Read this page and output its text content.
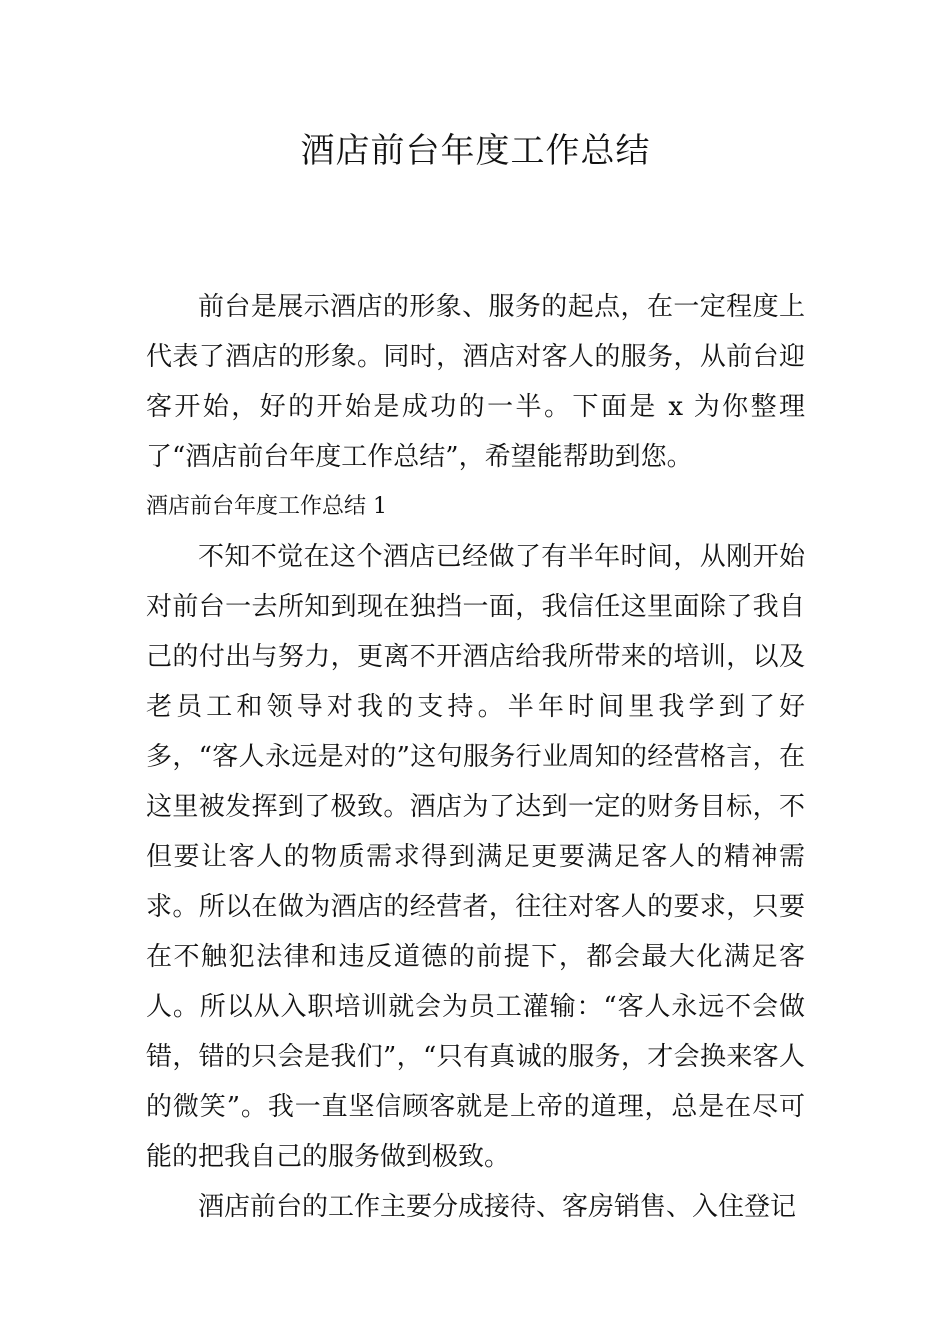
酒店前台年度工作总结

前台是展示酒店的形象、服务的起点，在一定程度上代表了酒店的形象。同时，酒店对客人的服务，从前台迎客开始，好的开始是成功的一半。下面是 x 为你整理了“酒店前台年度工作总结”，希望能帮助到您。

酒店前台年度工作总结 1

不知不觉在这个酒店已经做了有半年时间，从刚开始对前台一去所知到现在独挡一面，我信任这里面除了我自己的付出与努力，更离不开酒店给我所带来的培训，以及老员工和领导对我的支持。半年时间里我学到了好多，“客人永远是对的”这句服务行业周知的经营格言，在这里被发挥到了极致。酒店为了达到一定的财务目标，不但要让客人的物质需求得到满足更要满足客人的精神需求。所以在做为酒店的经营者，往往对客人的要求，只要在不触犯法律和违反道德的前提下，都会最大化满足客人。所以从入职培训就会为员工灌输：“客人永远不会做错，错的只会是我们”，“只有真诚的服务，才会换来客人的微笑”。我一直坚信顾客就是上帝的道理，总是在尽可能的把我自己的服务做到极致。

酒店前台的工作主要分成接待、客房销售、入住登记
